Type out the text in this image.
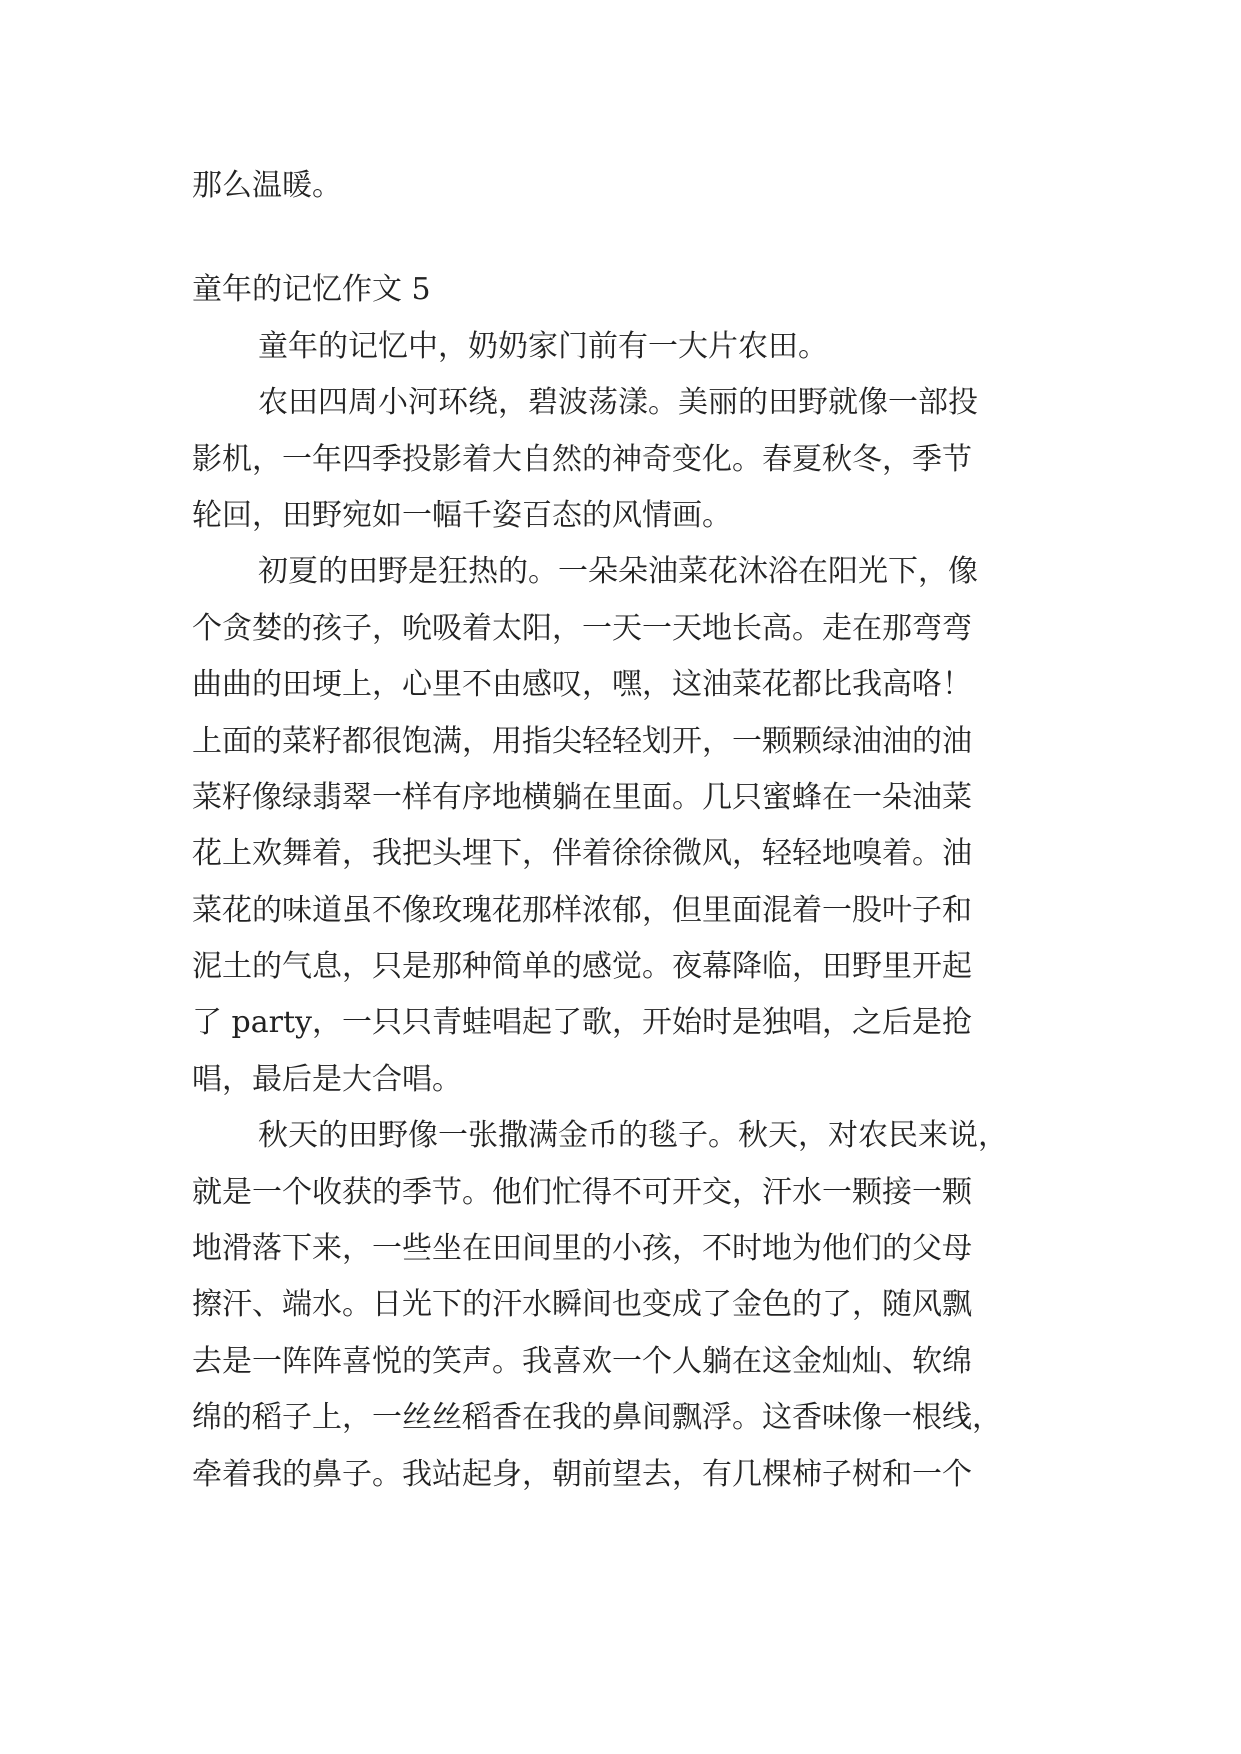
那么温暖。
童年的记忆作文 5
童年的记忆中，奶奶家门前有一大片农田。
农田四周小河环绕，碧波荡漾。美丽的田野就像一部投
影机，一年四季投影着大自然的神奇变化。春夏秋冬，季节
轮回，田野宛如一幅千姿百态的风情画。
初夏的田野是狂热的。一朵朵油菜花沐浴在阳光下，像
个贪婪的孩子，吮吸着太阳，一天一天地长高。走在那弯弯
曲曲的田埂上，心里不由感叹，嘿，这油菜花都比我高咯！
上面的菜籽都很饱满，用指尖轻轻划开，一颗颗绿油油的油
菜籽像绿翡翠一样有序地横躺在里面。几只蜜蜂在一朵油菜
花上欢舞着，我把头埋下，伴着徐徐微风，轻轻地嗅着。油
菜花的味道虽不像玫瑰花那样浓郁，但里面混着一股叶子和
泥土的气息，只是那种简单的感觉。夜幕降临，田野里开起
了 party，一只只青蛙唱起了歌，开始时是独唱，之后是抢
唱，最后是大合唱。
秋天的田野像一张撒满金币的毯子。秋天，对农民来说，
就是一个收获的季节。他们忙得不可开交，汗水一颗接一颗
地滑落下来，一些坐在田间里的小孩，不时地为他们的父母
擦汗、端水。日光下的汗水瞬间也变成了金色的了，随风飘
去是一阵阵喜悦的笑声。我喜欢一个人躺在这金灿灿、软绵
绵的稻子上，一丝丝稻香在我的鼻间飘浮。这香味像一根线，
牵着我的鼻子。我站起身，朝前望去，有几棵柿子树和一个
